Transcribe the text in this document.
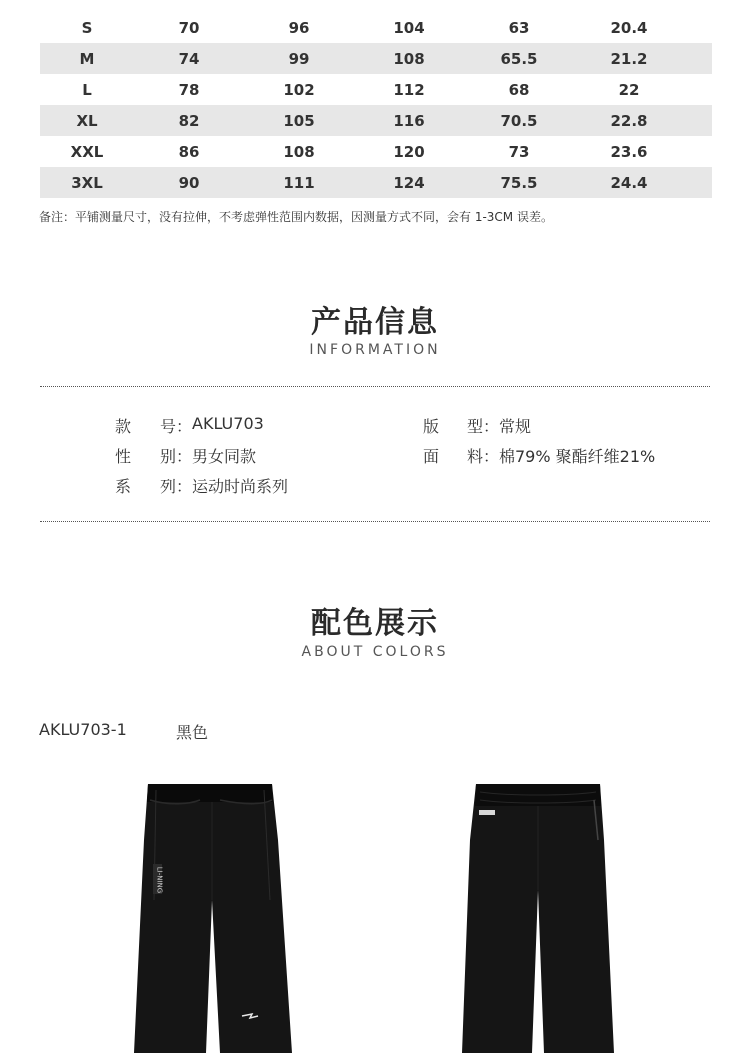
S	70	96	104	63	20.4
M	74	99	108	65.5	21.2
L	78	102	112	68	22
XL	82	105	116	70.5	22.8
XXL	86	108	120	73	23.6
3XL	90	111	124	75.5	24.4
备注：平铺测量尺寸，没有拉伸，不考虑弹性范围内数据，因测量方式不同，会有 1-3CM 误差。
产品信息
INFORMATION
款 号 ： AKLU703	版 型 ： 常规
性 别 ： 男女同款	面 料 ： 棉79% 聚酯纤维21%
系 列 ： 运动时尚系列
配色展示
ABOUT COLORS
AKLU703-1	黑色
LI-NING
